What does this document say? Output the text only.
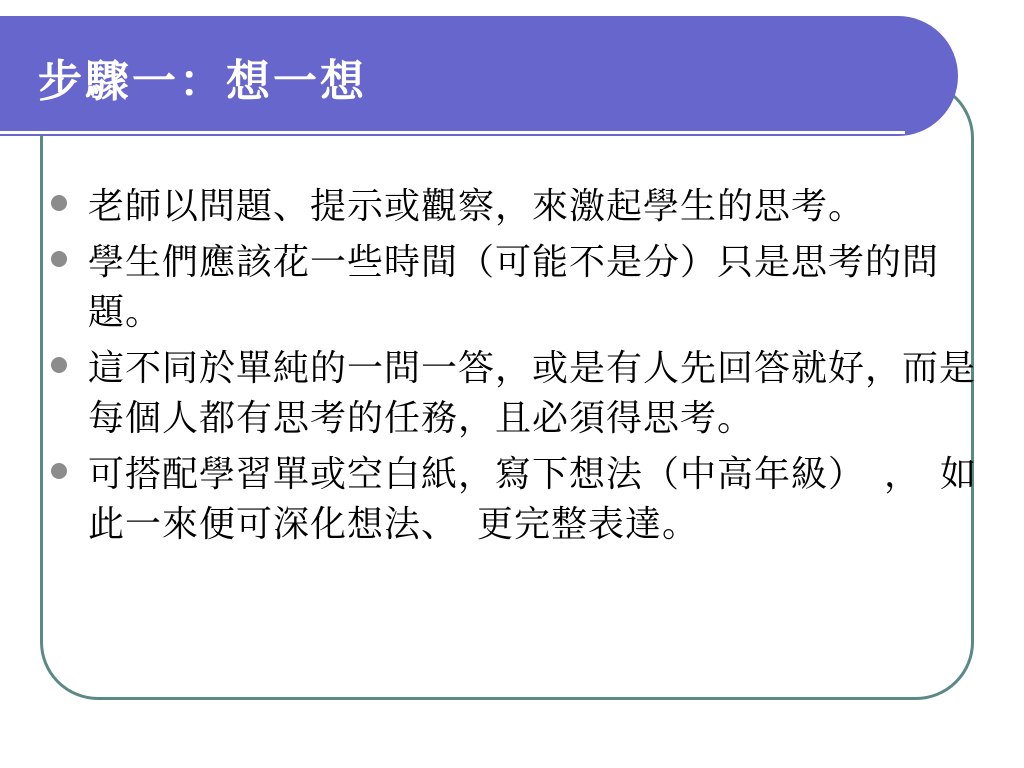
步驟一：想一想
老師以問題、提示或觀察，來激起學生的思考。
學生們應該花一些時間（可能不是分）只是思考的問題。
這不同於單純的一問一答，或是有人先回答就好，而是每個人都有思考的任務，且必須得思考。
可搭配學習單或空白紙，寫下想法（中高年級）　，　如此一來便可深化想法、　更完整表達。
